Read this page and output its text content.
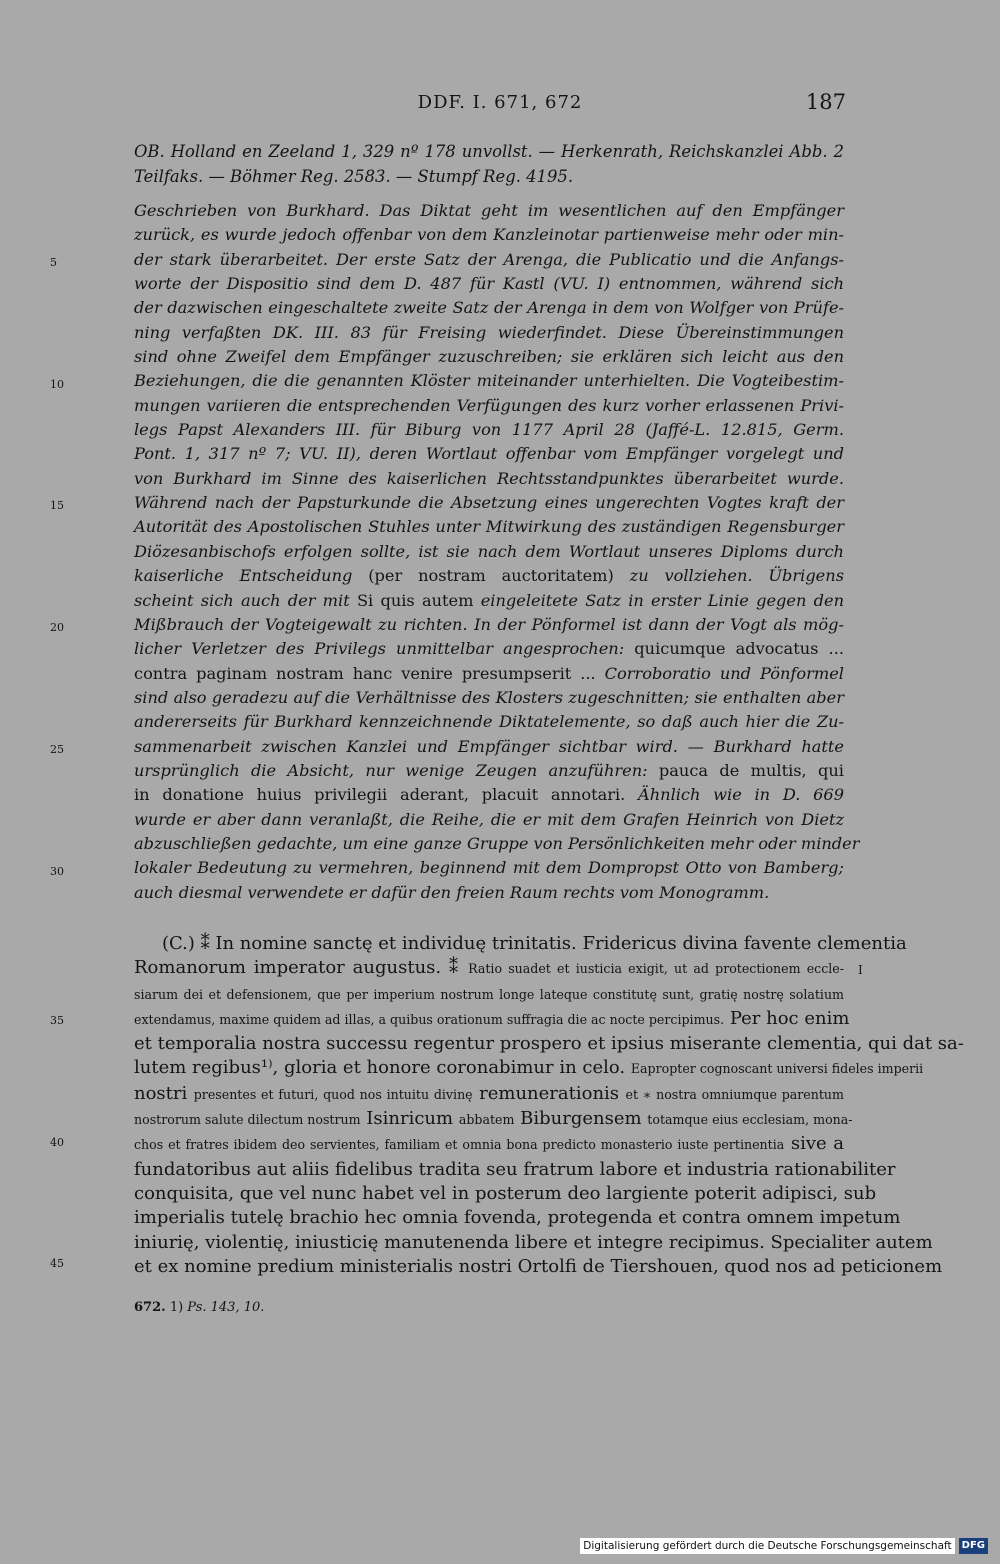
DDF. I. 671, 672	187
OB. Holland en Zeeland 1, 329 nº 178 unvollst. — Herkenrath, Reichskanzlei Abb. 2
Teilfaks. — Böhmer Reg. 2583. — Stumpf Reg. 4195.
Geschrieben von Burkhard. Das Diktat geht im wesentlichen auf den Empfänger
zurück, es wurde jedoch offenbar von dem Kanzleinotar partienweise mehr oder min-
der stark überarbeitet. Der erste Satz der Arenga, die Publicatio und die Anfangs-
worte der Dispositio sind dem D. 487 für Kastl (VU. I) entnommen, während sich
der dazwischen eingeschaltete zweite Satz der Arenga in dem von Wolfger von Prüfe-
ning verfaßten DK. III. 83 für Freising wiederfindet. Diese Übereinstimmungen
sind ohne Zweifel dem Empfänger zuzuschreiben; sie erklären sich leicht aus den
Beziehungen, die die genannten Klöster miteinander unterhielten. Die Vogteibestim-
mungen variieren die entsprechenden Verfügungen des kurz vorher erlassenen Privi-
legs Papst Alexanders III. für Biburg von 1177 April 28 (Jaffé-L. 12.815, Germ.
Pont. 1, 317 nº 7; VU. II), deren Wortlaut offenbar vom Empfänger vorgelegt und
von Burkhard im Sinne des kaiserlichen Rechtsstandpunktes überarbeitet wurde.
Während nach der Papsturkunde die Absetzung eines ungerechten Vogtes kraft der
Autorität des Apostolischen Stuhles unter Mitwirkung des zuständigen Regensburger
Diözesanbischofs erfolgen sollte, ist sie nach dem Wortlaut unseres Diploms durch
kaiserliche Entscheidung (per nostram auctoritatem) zu vollziehen. Übrigens
scheint sich auch der mit Si quis autem eingeleitete Satz in erster Linie gegen den
Mißbrauch der Vogteigewalt zu richten. In der Pönformel ist dann der Vogt als mög-
licher Verletzer des Privilegs unmittelbar angesprochen: quicumque advocatus ...
contra paginam nostram hanc venire presumpserit ... Corroboratio und Pönformel
sind also geradezu auf die Verhältnisse des Klosters zugeschnitten; sie enthalten aber
andererseits für Burkhard kennzeichnende Diktatelemente, so daß auch hier die Zu-
sammenarbeit zwischen Kanzlei und Empfänger sichtbar wird. — Burkhard hatte
ursprünglich die Absicht, nur wenige Zeugen anzuführen: pauca de multis, qui
in donatione huius privilegii aderant, placuit annotari. Ähnlich wie in D. 669
wurde er aber dann veranlaßt, die Reihe, die er mit dem Grafen Heinrich von Dietz
abzuschließen gedachte, um eine ganze Gruppe von Persönlichkeiten mehr oder minder
lokaler Bedeutung zu vermehren, beginnend mit dem Dompropst Otto von Bamberg;
auch diesmal verwendete er dafür den freien Raum rechts vom Monogramm.
5
10
15
20
25
30
(C.) ⁑ In nomine sanctę et individuę trinitatis. Fridericus divina favente clementia
Romanorum imperator augustus. ⁑ Ratio suadet et iusticia exigit, ut ad protectionem eccle-
siarum dei et defensionem, que per imperium nostrum longe lateque constitutę sunt, gratię nostrę solatium
extendamus, maxime quidem ad illas, a quibus orationum suffragia die ac nocte percipimus. Per hoc enim
et temporalia nostra successu regentur prospero et ipsius miserante clementia, qui dat sa-
lutem regibus¹⁾, gloria et honore coronabimur in celo. Eapropter cognoscant universi fideles imperii
nostri presentes et futuri, quod nos intuitu divinę remunerationis et ∗ nostra omniumque parentum
nostrorum salute dilectum nostrum Isinricum abbatem Biburgensem totamque eius ecclesiam, mona-
chos et fratres ibidem deo servientes, familiam et omnia bona predicto monasterio iuste pertinentia sive a
fundatoribus aut aliis fidelibus tradita seu fratrum labore et industria rationabiliter
conquisita, que vel nunc habet vel in posterum deo largiente poterit adipisci, sub
imperialis tutelę brachio hec omnia fovenda, protegenda et contra omnem impetum
iniurię, violentię, iniusticię manutenenda libere et integre recipimus. Specialiter autem
et ex nomine predium ministerialis nostri Ortolfi de Tiershouen, quod nos ad peticionem
35
40
45
I
672. 1) Ps. 143, 10.
Digitalisierung gefördert durch die Deutsche Forschungsgemeinschaft	DFG
